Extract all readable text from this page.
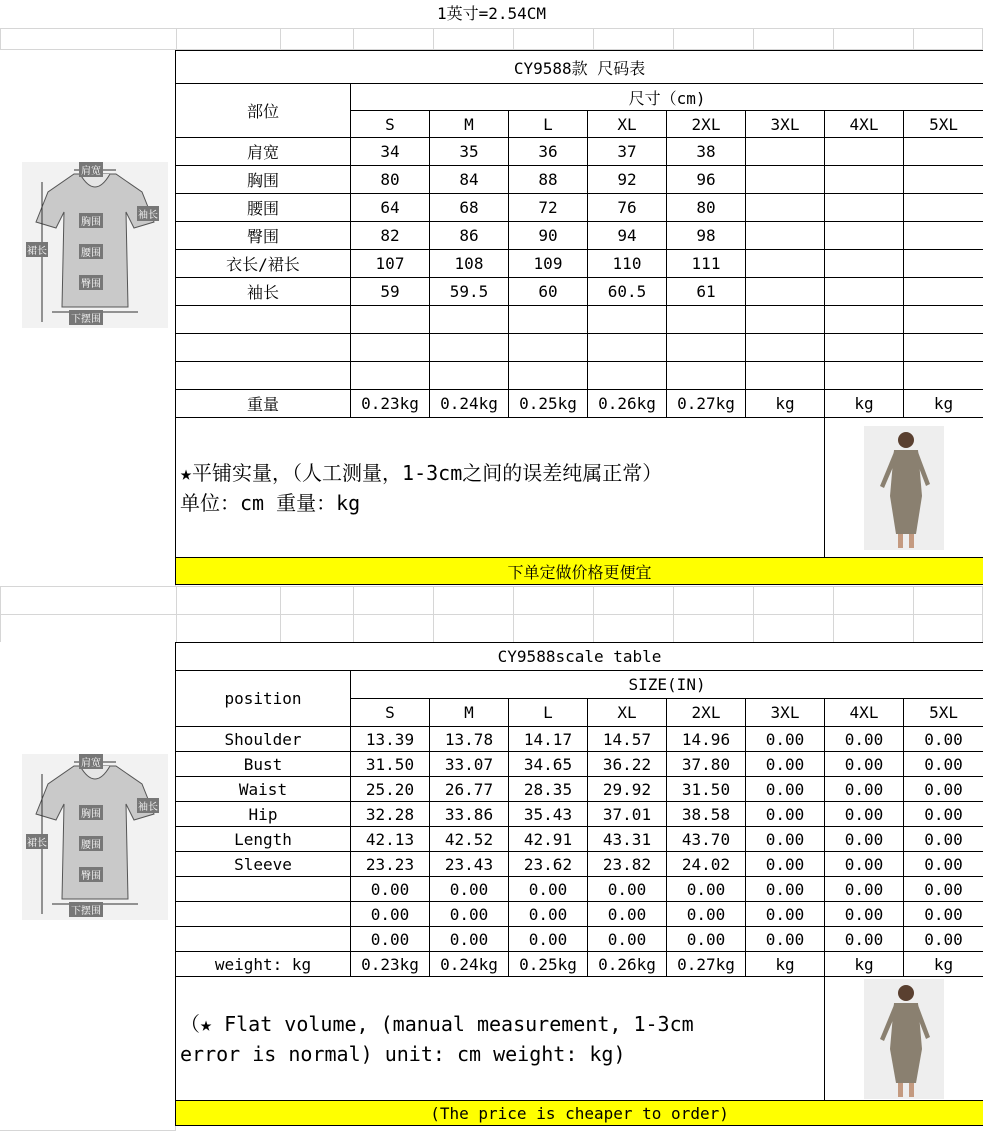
1英寸=2.54CM

肩宽
袖长
胸围
裙长	腰围
臀围
下摆围
CY9588款 尺码表								
部位	尺寸（cm)							
	S	M	L	XL	2XL	3XL	4XL	5XL
肩宽	34	35	36	37	38			
胸围	80	84	88	92	96			
腰围	64	68	72	76	80			
臀围	82	86	90	94	98			
衣长/裙长	107	108	109	110	111			
袖长	59	59.5	60	60.5	61			

重量	0.23kg	0.24kg	0.25kg	0.26kg	0.27kg	kg	kg	kg
★平铺实量，（人工测量，1-3cm之间的误差纯属正常）
单位：cm 重量：kg	

下单定做价格更便宜								

肩宽
袖长
胸围
裙长	腰围
臀围
下摆围
CY9588scale table								
position	SIZE(IN)							
	S	M	L	XL	2XL	3XL	4XL	5XL
Shoulder	13.39	13.78	14.17	14.57	14.96	0.00	0.00	0.00
Bust	31.50	33.07	34.65	36.22	37.80	0.00	0.00	0.00
Waist	25.20	26.77	28.35	29.92	31.50	0.00	0.00	0.00
Hip	32.28	33.86	35.43	37.01	38.58	0.00	0.00	0.00
Length	42.13	42.52	42.91	43.31	43.70	0.00	0.00	0.00
Sleeve	23.23	23.43	23.62	23.82	24.02	0.00	0.00	0.00
	0.00	0.00	0.00	0.00	0.00	0.00	0.00	0.00
	0.00	0.00	0.00	0.00	0.00	0.00	0.00	0.00
	0.00	0.00	0.00	0.00	0.00	0.00	0.00	0.00
weight: kg	0.23kg	0.24kg	0.25kg	0.26kg	0.27kg	kg	kg	kg
（★ Flat volume, (manual measurement, 1-3cm
error is normal) unit: cm weight: kg)	

(The price is cheaper to order)								
